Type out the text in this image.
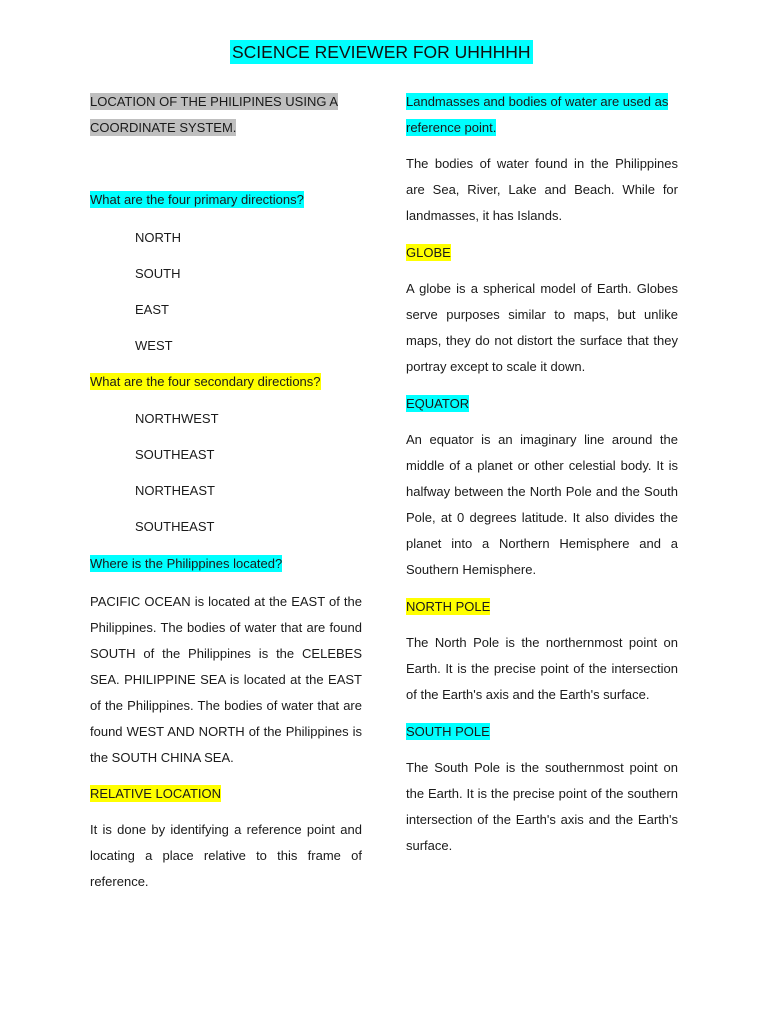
SCIENCE REVIEWER FOR UHHHHH
LOCATION OF THE PHILIPINES USING A
COORDINATE SYSTEM.
What are the four primary directions?
NORTH
SOUTH
EAST
WEST
What are the four secondary directions?
NORTHWEST
SOUTHEAST
NORTHEAST
SOUTHEAST
Where is the Philippines located?
PACIFIC OCEAN is located at the EAST of the Philippines. The bodies of water that are found SOUTH of the Philippines is the CELEBES SEA. PHILIPPINE SEA is located at the EAST of the Philippines. The bodies of water that are found WEST AND NORTH of the Philippines is the SOUTH CHINA SEA.
RELATIVE LOCATION
It is done by identifying a reference point and locating a place relative to this frame of reference.
Landmasses and bodies of water are used as
reference point.
The bodies of water found in the Philippines are Sea, River, Lake and Beach. While for landmasses, it has Islands.
GLOBE
A globe is a spherical model of Earth. Globes serve purposes similar to maps, but unlike maps, they do not distort the surface that they portray except to scale it down.
EQUATOR
An equator is an imaginary line around the middle of a planet or other celestial body. It is halfway between the North Pole and the South Pole, at 0 degrees latitude. It also divides the planet into a Northern Hemisphere and a Southern Hemisphere.
NORTH POLE
The North Pole is the northernmost point on Earth. It is the precise point of the intersection of the Earth's axis and the Earth's surface.
SOUTH POLE
The South Pole is the southernmost point on the Earth. It is the precise point of the southern intersection of the Earth's axis and the Earth's surface.
